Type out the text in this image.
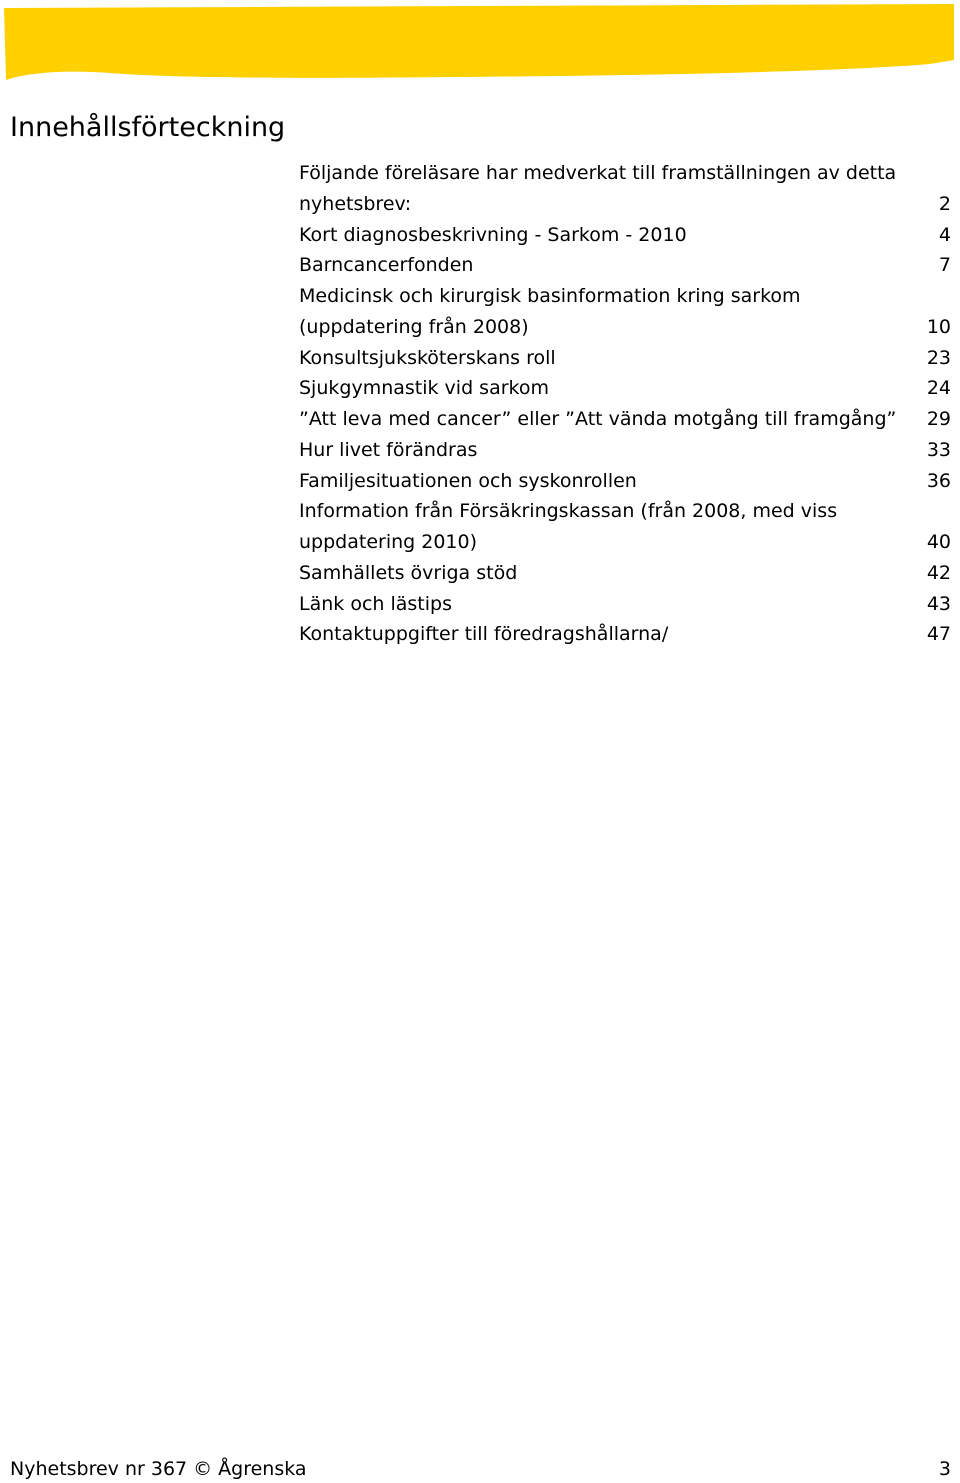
Innehållsförteckning
Följande föreläsare har medverkat till framställningen av detta nyhetsbrev:	2
Kort diagnosbeskrivning - Sarkom - 2010	4
Barncancerfonden	7
Medicinsk och kirurgisk basinformation kring sarkom (uppdatering från 2008)	10
Konsultsjuksköterskans roll	23
Sjukgymnastik vid sarkom	24
”Att leva med cancer” eller ”Att vända motgång till framgång” 29
Hur livet förändras	33
Familjesituationen och syskonrollen	36
Information från Försäkringskassan (från 2008, med viss uppdatering 2010)	40
Samhällets övriga stöd	42
Länk och lästips	43
Kontaktuppgifter till föredragshållarna/	47
Nyhetsbrev nr 367 © Ågrenska	3
